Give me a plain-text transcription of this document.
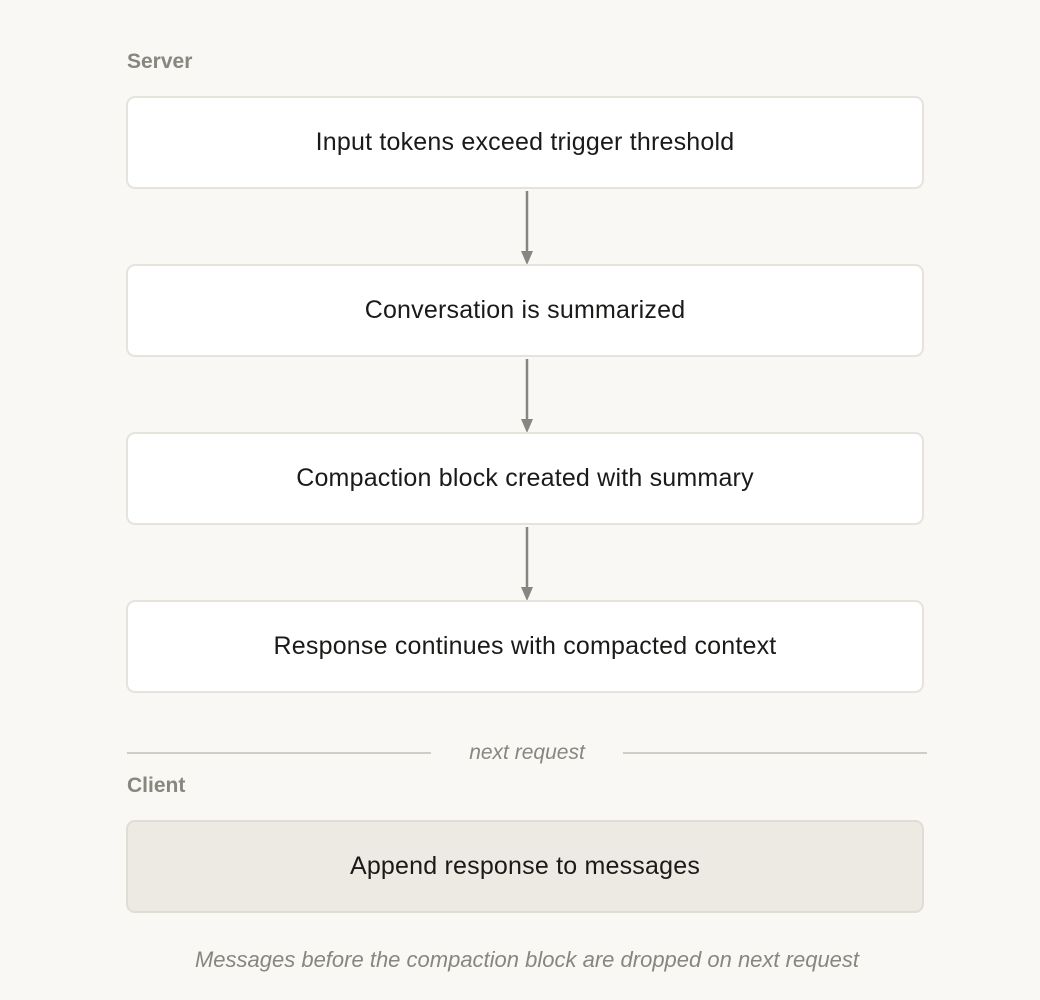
Server
Input tokens exceed trigger threshold
Conversation is summarized
Compaction block created with summary
Response continues with compacted context
next request
Client
Append response to messages
Messages before the compaction block are dropped on next request
